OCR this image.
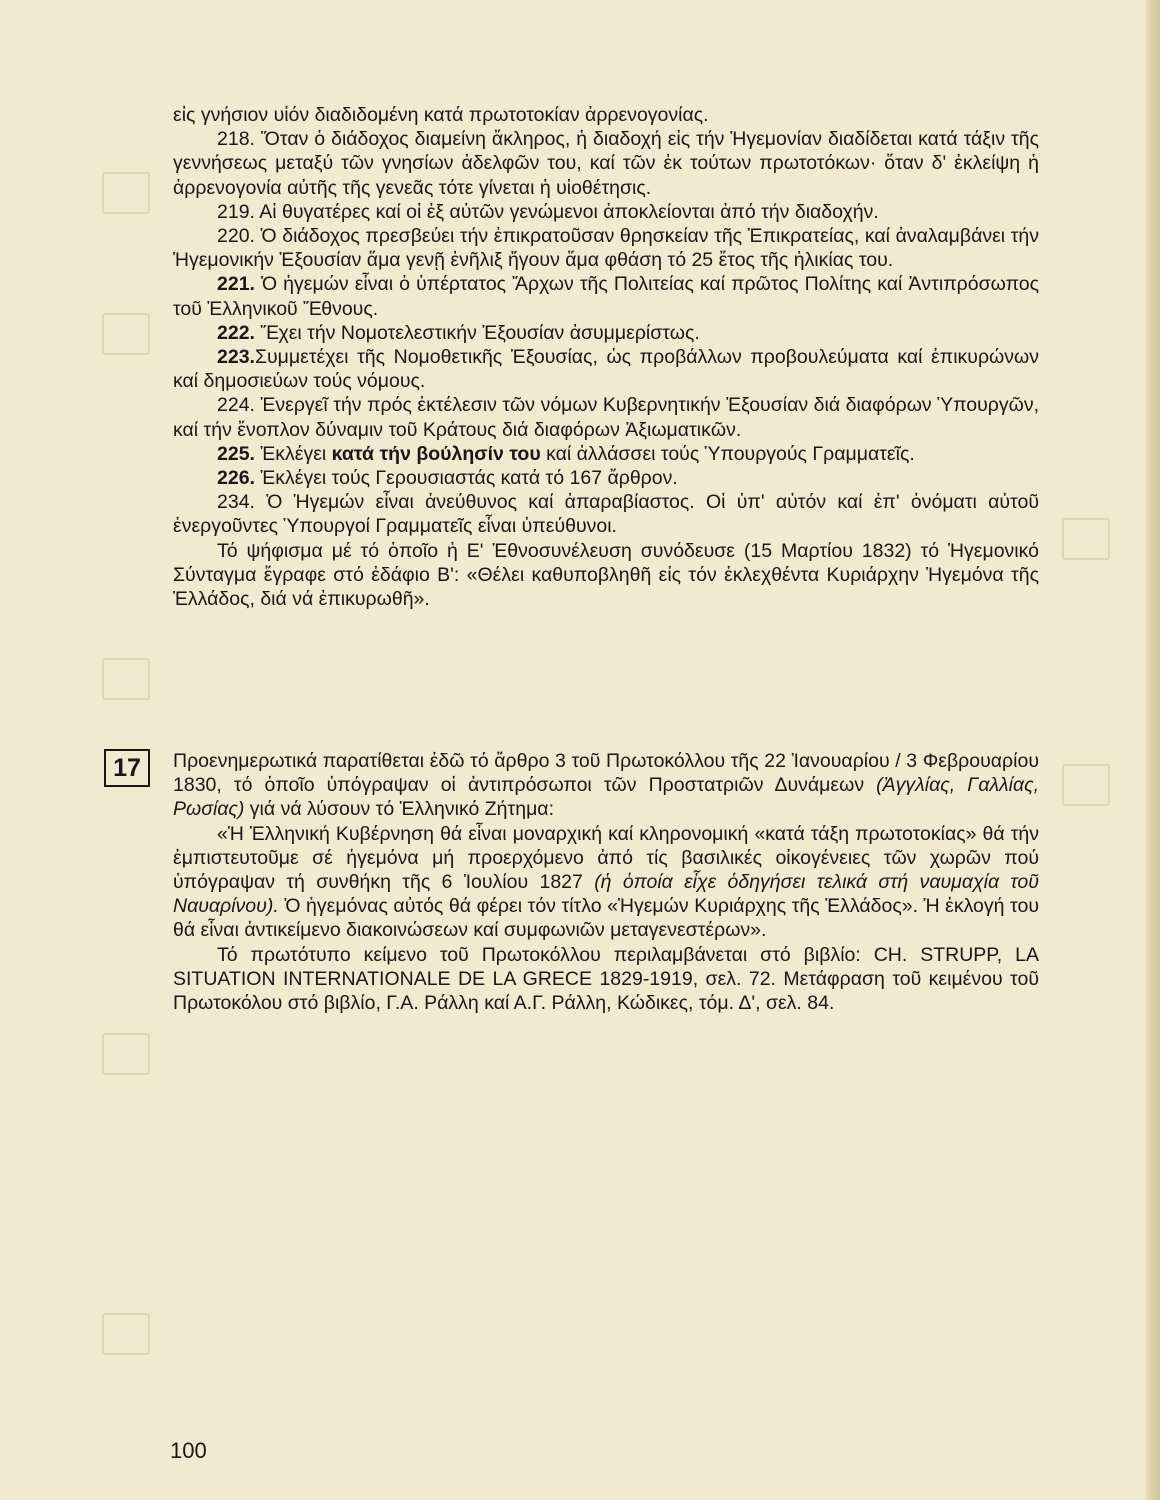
εἰς γνήσιον υἱόν διαδιδομένη κατά πρωτοτοκίαν ἀρρενογονίας.

218. Ὅταν ὁ διάδοχος διαμείνη ἄκληρος, ἡ διαδοχή εἰς τήν Ἡγεμονίαν διαδίδεται κατά τάξιν τῆς γεννήσεως μεταξύ τῶν γνησίων ἀδελφῶν του, καί τῶν ἐκ τούτων πρωτοτόκων· ὅταν δ' ἐκλείψη ἡ ἀρρενογονία αὐτῆς τῆς γενεᾶς τότε γίνεται ἡ υἱοθέτησις.

219. Αἱ θυγατέρες καί οἱ ἐξ αὐτῶν γενώμενοι ἀποκλείονται ἀπό τήν διαδοχήν.

220. Ὁ διάδοχος πρεσβεύει τήν ἐπικρατοῦσαν θρησκείαν τῆς Ἐπικρατείας, καί ἀναλαμβάνει τήν Ἡγεμονικήν Ἐξουσίαν ἅμα γενῇ ἐνῆλιξ ἤγουν ἅμα φθάση τό 25 ἔτος τῆς ἡλικίας του.

221. Ὁ ἡγεμών εἶναι ὁ ὑπέρτατος Ἄρχων τῆς Πολιτείας καί πρῶτος Πολίτης καί Ἀντιπρόσωπος τοῦ Ἑλληνικοῦ Ἔθνους.

222. Ἔχει τήν Νομοτελεστικήν Ἐξουσίαν ἀσυμμερίστως.

223.Συμμετέχει τῆς Νομοθετικῆς Ἐξουσίας, ὡς προβάλλων προβουλεύματα καί ἐπικυρώνων καί δημοσιεύων τούς νόμους.

224. Ἐνεργεῖ τήν πρός ἐκτέλεσιν τῶν νόμων Κυβερνητικήν Ἐξουσίαν διά διαφόρων Ὑπουργῶν, καί τήν ἔνοπλον δύναμιν τοῦ Κράτους διά διαφόρων Ἀξιωματικῶν.

225. Ἐκλέγει κατά τήν βούλησίν του καί ἀλλάσσει τούς Ὑπουργούς Γραμματεῖς.

226. Ἐκλέγει τούς Γερουσιαστάς κατά τό 167 ἄρθρον.

234. Ὁ Ἡγεμών εἶναι ἀνεύθυνος καί ἀπαραβίαστος. Οἱ ὑπ' αὐτόν καί ἐπ' ὀνόματι αὐτοῦ ἐνεργοῦντες Ὑπουργοί Γραμματεῖς εἶναι ὑπεύθυνοι.

Τό ψήφισμα μέ τό ὁποῖο ἡ Ε' Ἐθνοσυνέλευση συνόδευσε (15 Μαρτίου 1832) τό Ἡγεμονικό Σύνταγμα ἔγραφε στό ἐδάφιο Β': «Θέλει καθυποβληθῆ εἰς τόν ἐκλεχθέντα Κυριάρχην Ἡγεμόνα τῆς Ἑλλάδος, διά νά ἐπικυρωθῆ».

17	Προενημερωτικά παρατίθεται ἐδῶ τό ἄρθρο 3 τοῦ Πρωτοκόλλου τῆς 22 Ἰανουαρίου / 3 Φεβρουαρίου 1830, τό ὁποῖο ὑπόγραψαν οἱ ἀντιπρόσωποι τῶν Προστατριῶν Δυνάμεων (Ἀγγλίας, Γαλλίας, Ρωσίας) γιά νά λύσουν τό Ἑλληνικό Ζήτημα:

«Ἡ Ἑλληνική Κυβέρνηση θά εἶναι μοναρχική καί κληρονομική «κατά τάξη πρωτοτοκίας» θά τήν ἐμπιστευτοῦμε σέ ἡγεμόνα μή προερχόμενο ἀπό τίς βασιλικές οἰκογένειες τῶν χωρῶν πού ὑπόγραψαν τή συνθήκη τῆς 6 Ἰουλίου 1827 (ἡ ὁποία εἶχε ὁδηγήσει τελικά στή ναυμαχία τοῦ Ναυαρίνου). Ὁ ἡγεμόνας αὐτός θά φέρει τόν τίτλο «Ἡγεμών Κυριάρχης τῆς Ἑλλάδος». Ἡ ἐκλογή του θά εἶναι ἀντικείμενο διακοινώσεων καί συμφωνιῶν μεταγενεστέρων».

Τό πρωτότυπο κείμενο τοῦ Πρωτοκόλλου περιλαμβάνεται στό βιβλίο: CH. STRUPP, LA SITUATION INTERNATIONALE DE LA GRECE 1829-1919, σελ. 72. Μετάφραση τοῦ κειμένου τοῦ Πρωτοκόλου στό βιβλίο, Γ.Α. Ράλλη καί Α.Γ. Ράλλη, Κώδικες, τόμ. Δ', σελ. 84.

100
